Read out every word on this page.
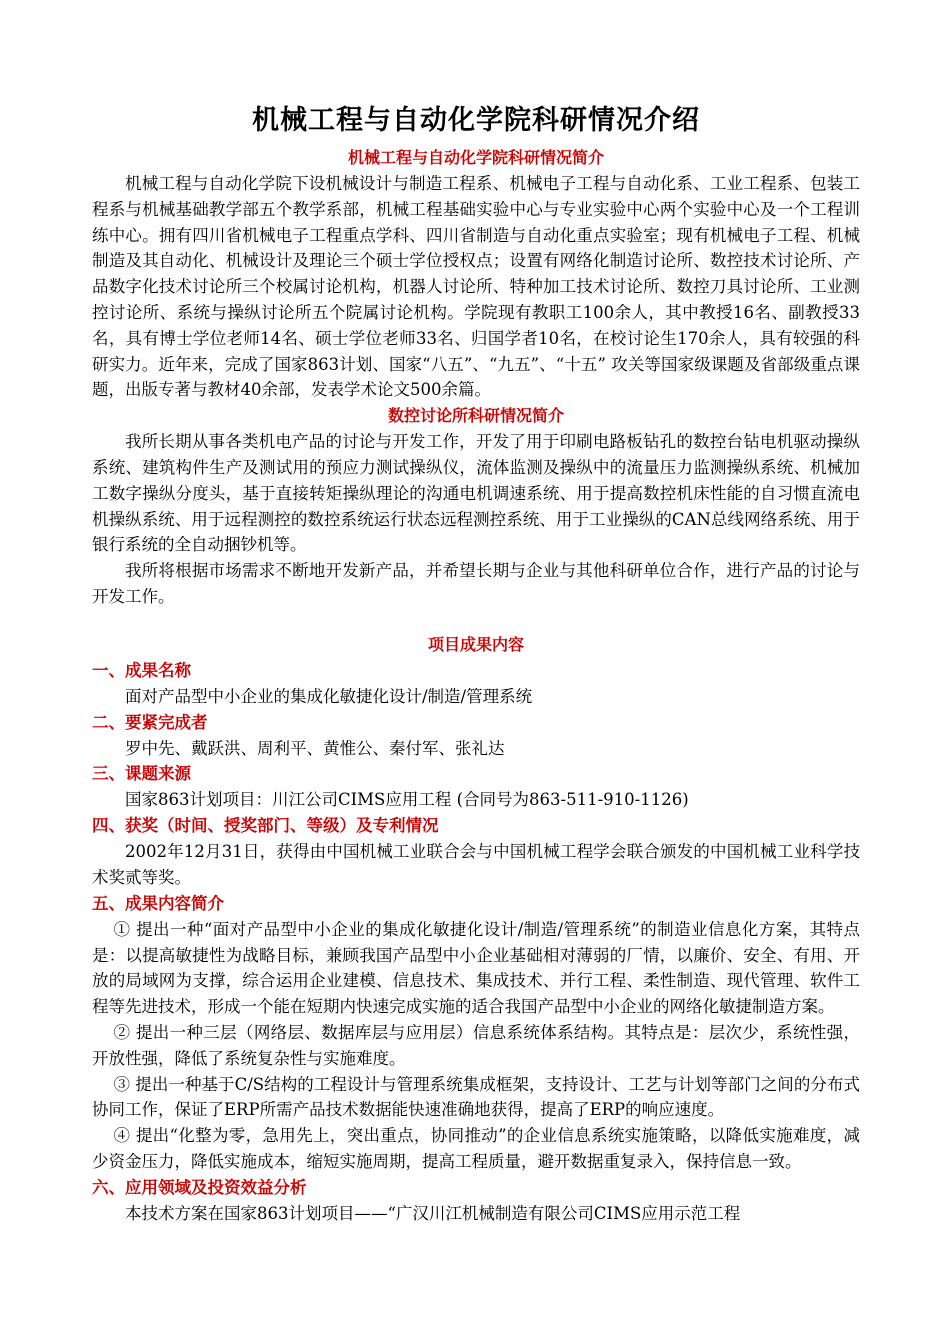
机械工程与自动化学院科研情况介绍

机械工程与自动化学院科研情况简介

机械工程与自动化学院下设机械设计与制造工程系、机械电子工程与自动化系、工业工程系、包装工程系与机械基础教学部五个教学系部，机械工程基础实验中心与专业实验中心两个实验中心及一个工程训练中心。拥有四川省机械电子工程重点学科、四川省制造与自动化重点实验室；现有机械电子工程、机械制造及其自动化、机械设计及理论三个硕士学位授权点；设置有网络化制造讨论所、数控技术讨论所、产品数字化技术讨论所三个校属讨论机构，机器人讨论所、特种加工技术讨论所、数控刀具讨论所、工业测控讨论所、系统与操纵讨论所五个院属讨论机构。学院现有教职工100余人，其中教授16名、副教授33名，具有博士学位老师14名、硕士学位老师33名、归国学者10名，在校讨论生170余人，具有较强的科研实力。近年来，完成了国家863计划、国家“八五”、“九五”、“十五” 攻关等国家级课题及省部级重点课题，出版专著与教材40余部，发表学术论文500余篇。

数控讨论所科研情况简介

我所长期从事各类机电产品的讨论与开发工作，开发了用于印刷电路板钻孔的数控台钻电机驱动操纵系统、建筑构件生产及测试用的预应力测试操纵仪，流体监测及操纵中的流量压力监测操纵系统、机械加工数字操纵分度头，基于直接转矩操纵理论的沟通电机调速系统、用于提高数控机床性能的自习惯直流电机操纵系统、用于远程测控的数控系统运行状态远程测控系统、用于工业操纵的CAN总线网络系统、用于银行系统的全自动捆钞机等。

我所将根据市场需求不断地开发新产品，并希望长期与企业与其他科研单位合作，进行产品的讨论与开发工作。

项目成果内容

一、成果名称

面对产品型中小企业的集成化敏捷化设计/制造/管理系统

二、要紧完成者

罗中先、戴跃洪、周利平、黄惟公、秦付军、张礼达

三、课题来源

国家863计划项目：川江公司CIMS应用工程 (合同号为863-511-910-1126)

四、获奖（时间、授奖部门、等级）及专利情况

2002年12月31日，获得由中国机械工业联合会与中国机械工程学会联合颁发的中国机械工业科学技术奖贰等奖。

五、成果内容简介

① 提出一种“面对产品型中小企业的集成化敏捷化设计/制造/管理系统”的制造业信息化方案，其特点是：以提高敏捷性为战略目标，兼顾我国产品型中小企业基础相对薄弱的厂情，以廉价、安全、有用、开放的局域网为支撑，综合运用企业建模、信息技术、集成技术、并行工程、柔性制造、现代管理、软件工程等先进技术，形成一个能在短期内快速完成实施的适合我国产品型中小企业的网络化敏捷制造方案。

② 提出一种三层（网络层、数据库层与应用层）信息系统体系结构。其特点是：层次少，系统性强，开放性强，降低了系统复杂性与实施难度。

③ 提出一种基于C/S结构的工程设计与管理系统集成框架，支持设计、工艺与计划等部门之间的分布式协同工作，保证了ERP所需产品技术数据能快速准确地获得，提高了ERP的响应速度。

④ 提出“化整为零，急用先上，突出重点，协同推动”的企业信息系统实施策略，以降低实施难度，减少资金压力，降低实施成本，缩短实施周期，提高工程质量，避开数据重复录入，保持信息一致。

六、应用领域及投资效益分析

本技术方案在国家863计划项目——“广汉川江机械制造有限公司CIMS应用示范工程
